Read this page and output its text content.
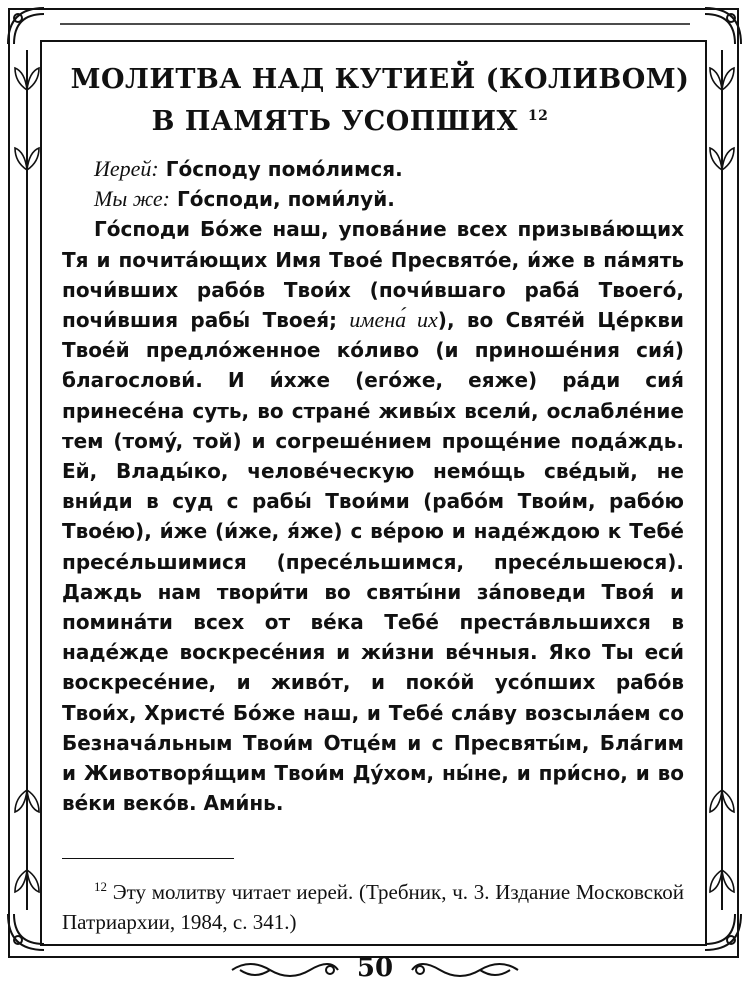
МОЛИТВА НАД КУТИЕЙ (КОЛИВОМ)

В ПАМЯТЬ УСОПШИХ $^{12}$

Иерей: Гóсподу помóлимся.

Мы же: Гóсподи, поми́луй.

Гóсподи Бóже наш, упова́ние всех призыва́ющих Тя и почита́ющих Имя Твоé Пресвятóе, и́же в па́мять почи́вших рабóв Твои́х (почи́вшаго раба́ Твоегó, почи́вшия рабы́ Твоея́; имена́ их), во Святéй Цéркви Твоéй предлóженное кóливо (и приношéния сия́) благослови́. И и́хже (егóже, еяже) ра́ди сия́ принесéна суть, во странé живы́х всели́, ослаблéние тем (томý, той) и согрешéнием прощéние пода́ждь. Ей, Влады́ко, человéческую немóщь свéдый, не вни́ди в суд с рабы́ Твои́ми (рабóм Твои́м, рабóю Твоéю), и́же (и́же, я́же) с вéрою и надéждою к Тебé пресéльшимися (пресéльшимся, пресéльшеюся). Даждь нам твори́ти во святы́ни за́поведи Твоя́ и помина́ти всех от вéка Тебé преста́вльшихся в надéжде воскресéния и жи́зни вéчныя. Яко Ты еси́ воскресéние, и живóт, и покóй усóпших рабóв Твои́х, Христé Бóже наш, и Тебé сла́ву возсыла́ем со Безнача́льным Твои́м Отцéм и с Пресвяты́м, Бла́гим и Животворя́щим Твои́м Дýхом, ны́не, и при́сно, и во вéки векóв. Ами́нь.

$^{12}$ Эту молитву читает иерей. (Требник, ч. 3. Издание Московской Патриархии, 1984, с. 341.)
50
